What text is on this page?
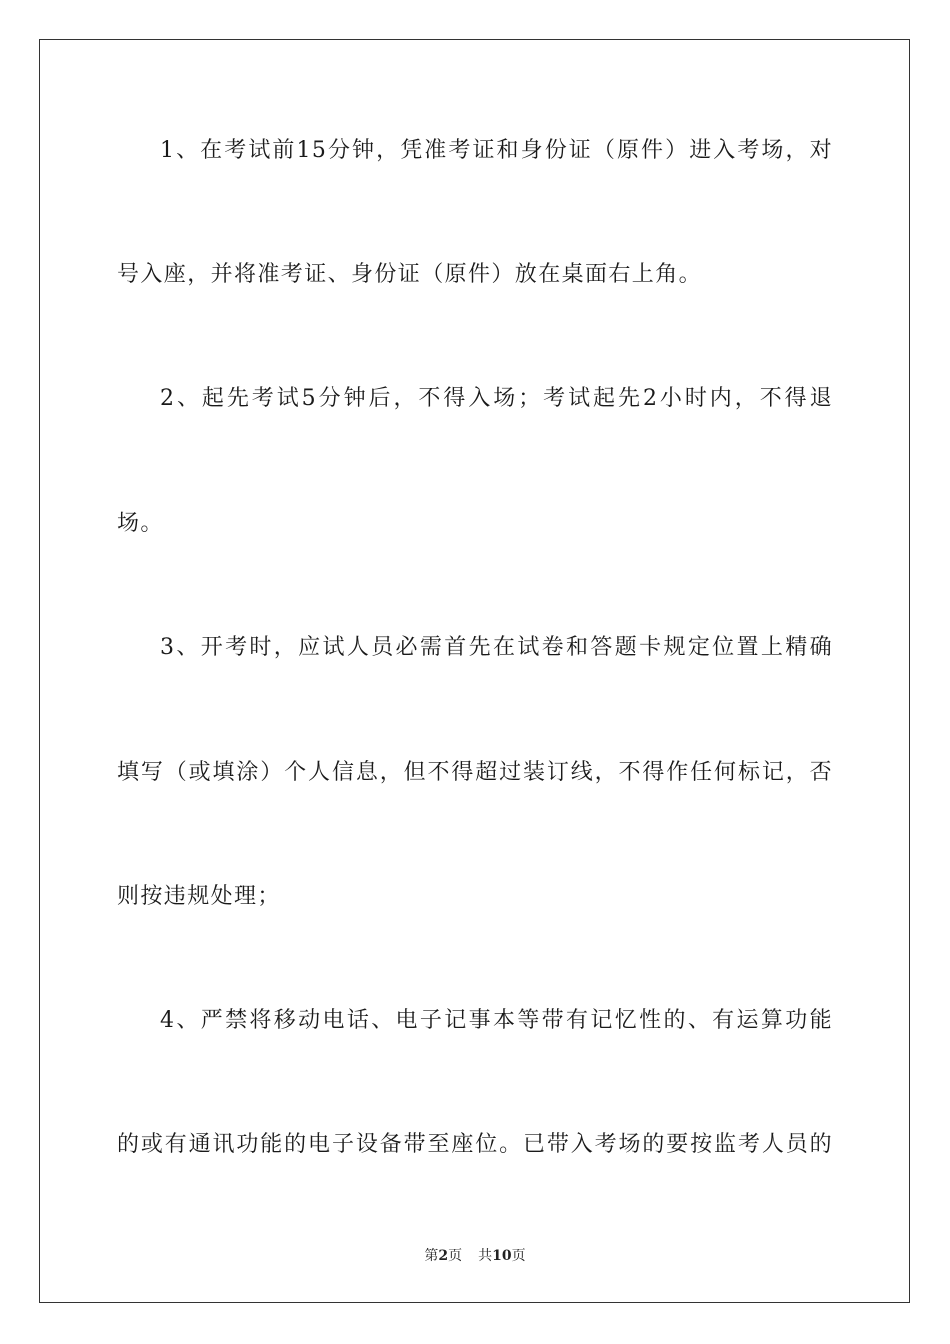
1、在考试前15分钟，凭准考证和身份证（原件）进入考场，对
号入座，并将准考证、身份证（原件）放在桌面右上角。
2、起先考试5分钟后，不得入场；考试起先2小时内，不得退
场。
3、开考时，应试人员必需首先在试卷和答题卡规定位置上精确
填写（或填涂）个人信息，但不得超过装订线，不得作任何标记，否
则按违规处理；
4、严禁将移动电话、电子记事本等带有记忆性的、有运算功能
的或有通讯功能的电子设备带至座位。已带入考场的要按监考人员的
第2页 共10页
